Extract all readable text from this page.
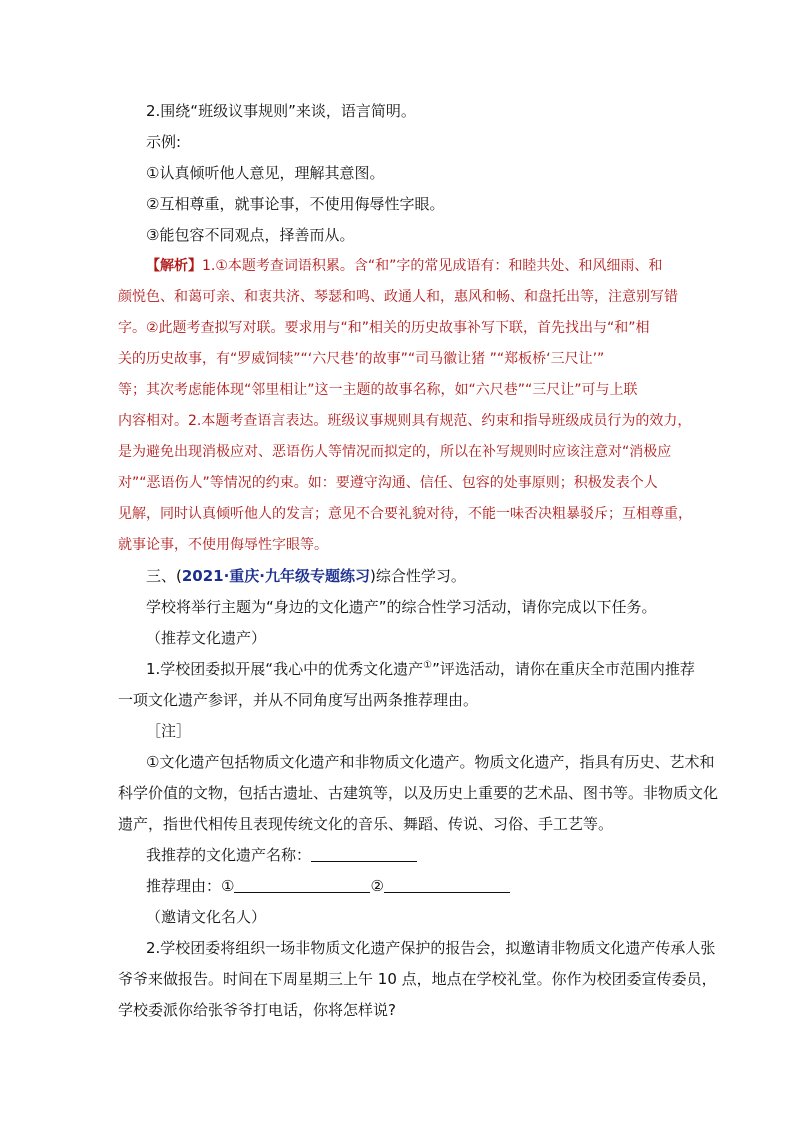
2.围绕“班级议事规则”来谈，语言简明。
示例:
①认真倾听他人意见，理解其意图。
②互相尊重，就事论事，不使用侮辱性字眼。
③能包容不同观点，择善而从。
【解析】1.①本题考查词语积累。含“和”字的常见成语有：和睦共处、和风细雨、和
颜悦色、和蔼可亲、和衷共济、琴瑟和鸣、政通人和，惠风和畅、和盘托出等，注意别写错
字。②此题考查拟写对联。要求用与“和”相关的历史故事补写下联，首先找出与“和”相
关的历史故事，有“罗威饲犊”“‘六尺巷’的故事”“司马徽让猪 ”“郑板桥‘三尺让’”
等；其次考虑能体现“邻里相让”这一主题的故事名称，如“六尺巷”“三尺让”可与上联
内容相对。2.本题考查语言表达。班级议事规则具有规范、约束和指导班级成员行为的效力，
是为避免出现消极应对、恶语伤人等情况而拟定的，所以在补写规则时应该注意对“消极应
对”“恶语伤人”等情况的约束。如：要遵守沟通、信任、包容的处事原则；积极发表个人
见解，同时认真倾听他人的发言；意见不合要礼貌对待，不能一味否决粗暴驳斥；互相尊重，
就事论事，不使用侮辱性字眼等。
三、(2021·重庆·九年级专题练习)综合性学习。
学校将举行主题为“身边的文化遗产”的综合性学习活动，请你完成以下任务。
（推荐文化遗产）
1.学校团委拟开展“我心中的优秀文化遗产①”评选活动，请你在重庆全市范围内推荐
一项文化遗产参评，并从不同角度写出两条推荐理由。
［注］
①文化遗产包括物质文化遗产和非物质文化遗产。物质文化遗产，指具有历史、艺术和
科学价值的文物，包括古遗址、古建筑等，以及历史上重要的艺术品、图书等。非物质文化
遗产，指世代相传且表现传统文化的音乐、舞蹈、传说、习俗、手工艺等。
我推荐的文化遗产名称：
推荐理由：①	②
（邀请文化名人）
2.学校团委将组织一场非物质文化遗产保护的报告会，拟邀请非物质文化遗产传承人张
爷爷来做报告。时间在下周星期三上午 10 点，地点在学校礼堂。你作为校团委宣传委员，
学校委派你给张爷爷打电话，你将怎样说?
